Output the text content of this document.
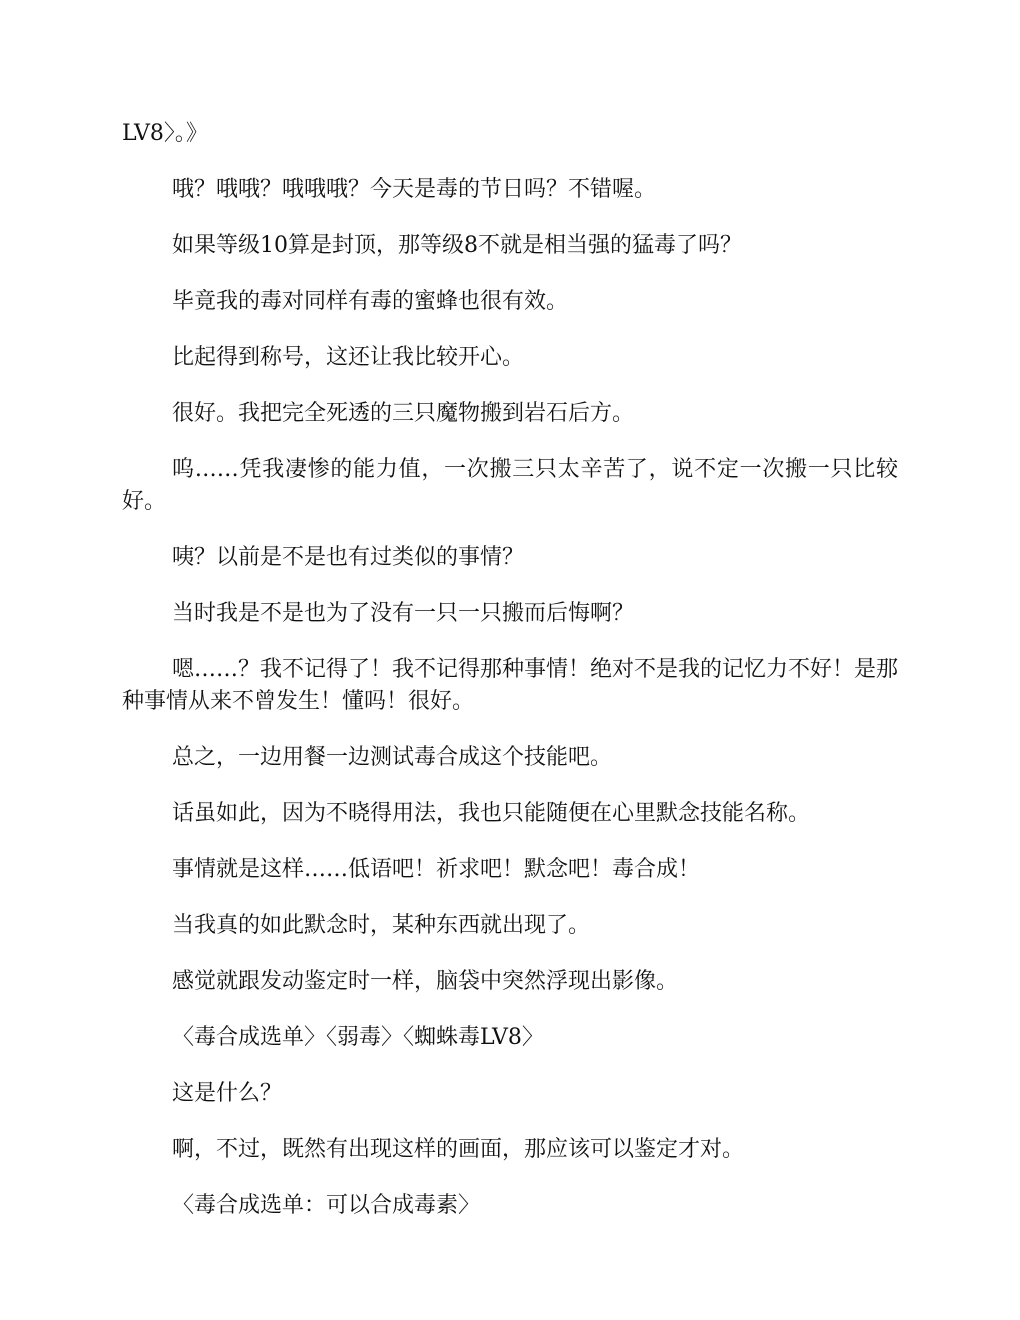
LV8〉。》

哦？哦哦？哦哦哦？今天是毒的节日吗？不错喔。

如果等级10算是封顶，那等级8不就是相当强的猛毒了吗？

毕竟我的毒对同样有毒的蜜蜂也很有效。

比起得到称号，这还让我比较开心。

很好。我把完全死透的三只魔物搬到岩石后方。

呜……凭我凄惨的能力值，一次搬三只太辛苦了，说不定一次搬一只比较好。

咦？以前是不是也有过类似的事情？

当时我是不是也为了没有一只一只搬而后悔啊？

嗯……？我不记得了！我不记得那种事情！绝对不是我的记忆力不好！是那种事情从来不曾发生！懂吗！很好。

总之，一边用餐一边测试毒合成这个技能吧。

话虽如此，因为不晓得用法，我也只能随便在心里默念技能名称。

事情就是这样……低语吧！祈求吧！默念吧！毒合成！

当我真的如此默念时，某种东西就出现了。

感觉就跟发动鉴定时一样，脑袋中突然浮现出影像。

〈毒合成选单〉〈弱毒〉〈蜘蛛毒LV8〉

这是什么？

啊，不过，既然有出现这样的画面，那应该可以鉴定才对。

〈毒合成选单：可以合成毒素〉
